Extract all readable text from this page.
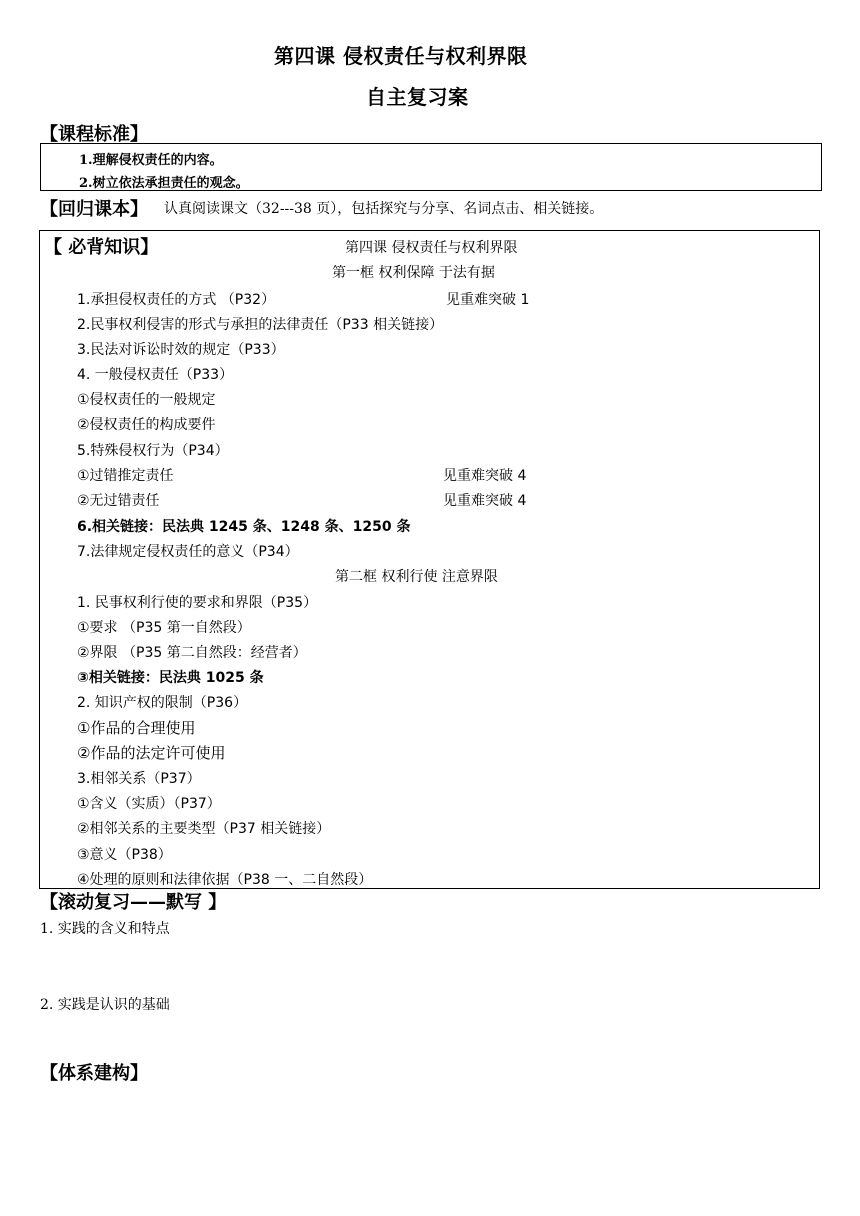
第四课 侵权责任与权利界限
自主复习案
【课程标准】
1.理解侵权责任的内容。
2.树立依法承担责任的观念。
【回归课本】 认真阅读课文（32---38 页），包括探究与分享、名词点击、相关链接。
【 必背知识】	第四课 侵权责任与权利界限
第一框 权利保障 于法有据
1.承担侵权责任的方式 （P32）	见重难突破 1
2.民事权利侵害的形式与承担的法律责任（P33 相关链接）
3.民法对诉讼时效的规定（P33）
4. 一般侵权责任（P33）
①侵权责任的一般规定
②侵权责任的构成要件
5.特殊侵权行为（P34）
①过错推定责任	见重难突破 4
②无过错责任	见重难突破 4
6.相关链接：民法典 1245 条、1248 条、1250 条
7.法律规定侵权责任的意义（P34）
第二框 权利行使 注意界限
1. 民事权利行使的要求和界限（P35）
①要求 （P35 第一自然段）
②界限 （P35 第二自然段：经营者）
③相关链接：民法典 1025 条
2. 知识产权的限制（P36）
①作品的合理使用
②作品的法定许可使用
3.相邻关系（P37）
①含义（实质）（P37）
②相邻关系的主要类型（P37 相关链接）
③意义（P38）
④处理的原则和法律依据（P38 一、二自然段）
【滚动复习——默写 】
1. 实践的含义和特点
2. 实践是认识的基础
【体系建构】
